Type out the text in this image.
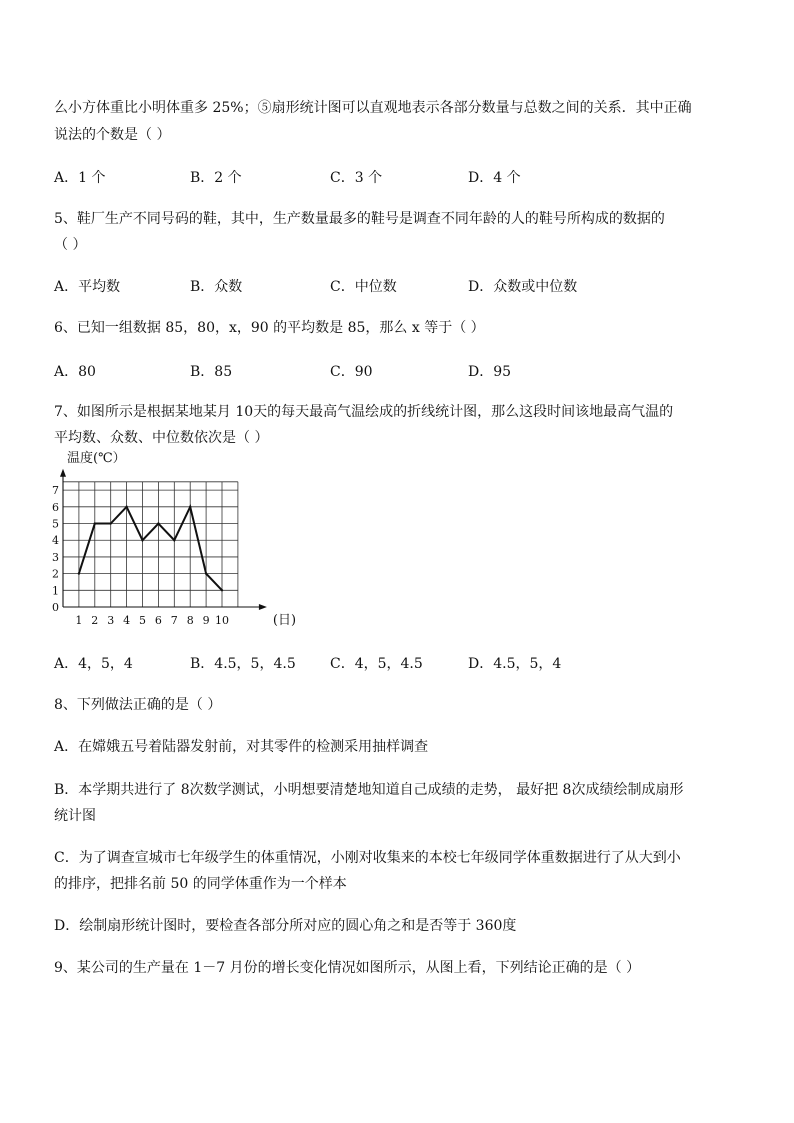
么小方体重比小明体重多 25%；⑤扇形统计图可以直观地表示各部分数量与总数之间的关系．其中正确
说法的个数是（ ）
A．1 个	B．2 个	C．3 个	D．4 个
5、鞋厂生产不同号码的鞋，其中，生产数量最多的鞋号是调查不同年龄的人的鞋号所构成的数据的
（ ）
A．平均数	B．众数	C．中位数	D．众数或中位数
6、已知一组数据 85，80，x，90 的平均数是 85，那么 x 等于（ ）
A．80	B．85	C．90	D．95
7、如图所示是根据某地某月 10天的每天最高气温绘成的折线统计图，那么这段时间该地最高气温的
平均数、众数、中位数依次是（ ）
0
1
2
3
4
5
6
7
1 2 3 4 5 6 7 8 9 10
温度(℃）
(日)
A．4，5，4	B．4.5，5，4.5 C．4，5，4.5	D．4.5，5，4
8、下列做法正确的是（ ）
A．在嫦娥五号着陆器发射前，对其零件的检测采用抽样调查
B．本学期共进行了 8次数学测试，小明想要清楚地知道自己成绩的走势， 最好把 8次成绩绘制成扇形
统计图
C．为了调查宣城市七年级学生的体重情况，小刚对收集来的本校七年级同学体重数据进行了从大到小
的排序，把排名前 50 的同学体重作为一个样本
D．绘制扇形统计图时，要检查各部分所对应的圆心角之和是否等于 360度
9、某公司的生产量在 1－7 月份的增长变化情况如图所示，从图上看，下列结论正确的是（ ）
